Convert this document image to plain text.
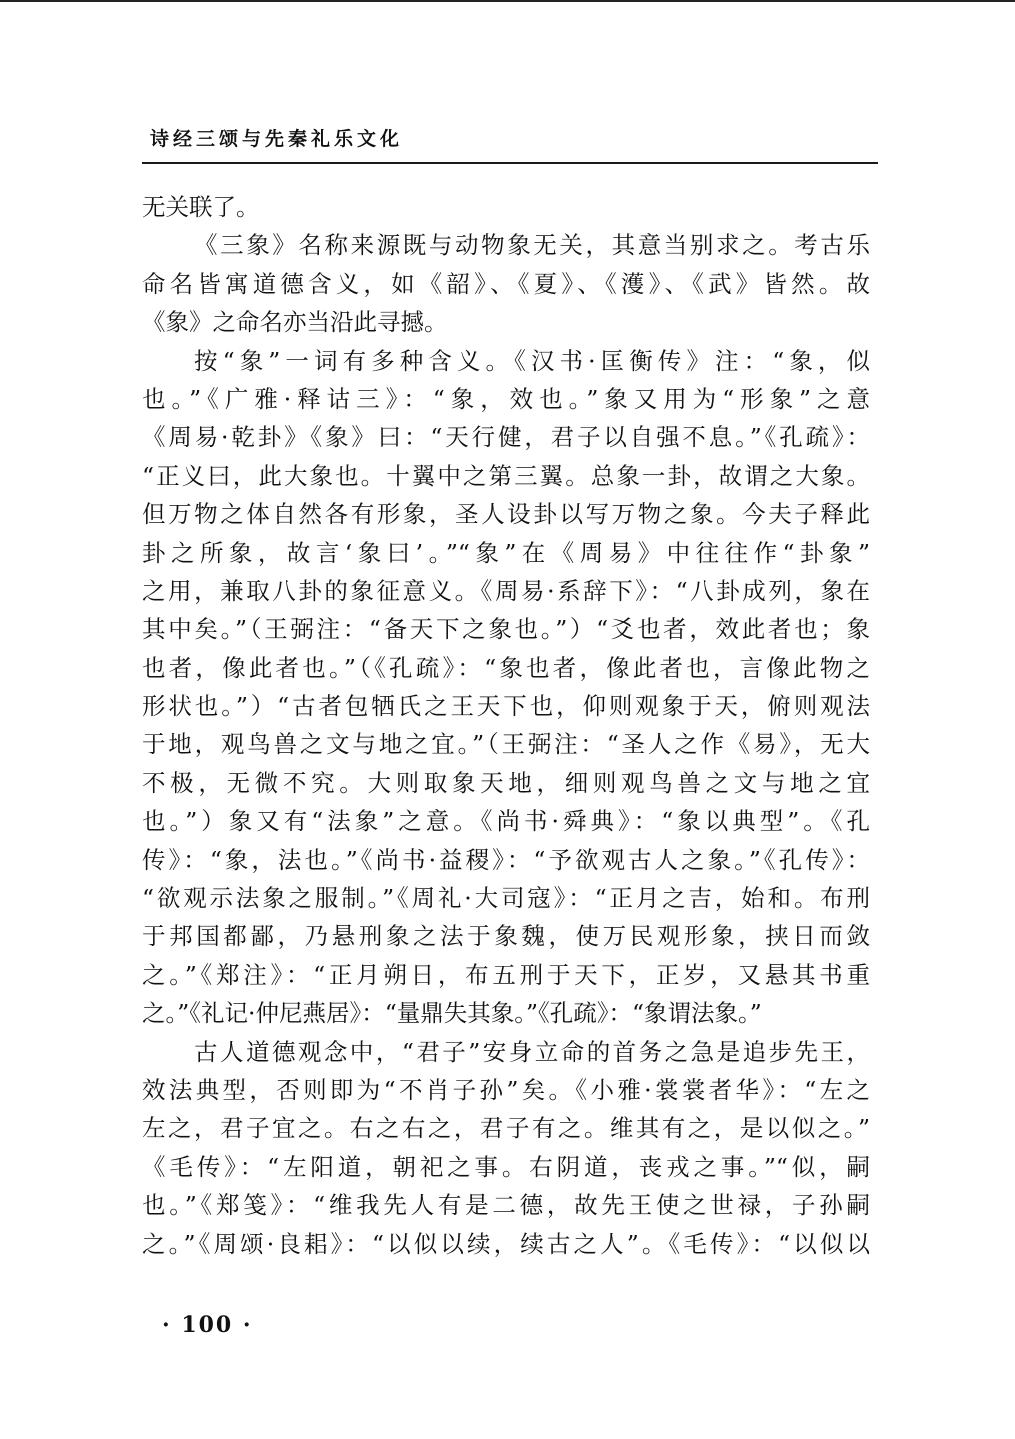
诗经三颂与先秦礼乐文化
无关联了。
《三象》名称来源既与动物象无关，其意当别求之。考古乐
命名皆寓道德含义，如《韶》、《夏》、《濩》、《武》皆然。故
《象》之命名亦当沿此寻撼。
按“象”一词有多种含义。《汉书·匡衡传》注：“象，似
也。”《广雅·释诂三》：“象，效也。”象又用为“形象”之意
《周易·乾卦》《象》曰：“天行健，君子以自强不息。”《孔疏》：
“正义曰，此大象也。十翼中之第三翼。总象一卦，故谓之大象。
但万物之体自然各有形象，圣人设卦以写万物之象。今夫子释此
卦之所象，故言‘象曰’。”“象”在《周易》中往往作“卦象”
之用，兼取八卦的象征意义。《周易·系辞下》：“八卦成列，象在
其中矣。”（王弼注：“备天下之象也。”）“爻也者，效此者也；象
也者，像此者也。”（《孔疏》：“象也者，像此者也，言像此物之
形状也。”）“古者包牺氏之王天下也，仰则观象于天，俯则观法
于地，观鸟兽之文与地之宜。”（王弼注：“圣人之作《易》，无大
不极，无微不究。大则取象天地，细则观鸟兽之文与地之宜
也。”）象又有“法象”之意。《尚书·舜典》：“象以典型”。《孔
传》：“象，法也。”《尚书·益稷》：“予欲观古人之象。”《孔传》：
“欲观示法象之服制。”《周礼·大司寇》：“正月之吉，始和。布刑
于邦国都鄙，乃悬刑象之法于象魏，使万民观形象，挟日而敛
之。”《郑注》：“正月朔日，布五刑于天下，正岁，又悬其书重
之。”《礼记·仲尼燕居》：“量鼎失其象。”《孔疏》：“象谓法象。”
古人道德观念中，“君子”安身立命的首务之急是追步先王，
效法典型，否则即为“不肖子孙”矣。《小雅·裳裳者华》：“左之
左之，君子宜之。右之右之，君子有之。维其有之，是以似之。”
《毛传》：“左阳道，朝祀之事。右阴道，丧戎之事。”“似，嗣
也。”《郑笺》：“维我先人有是二德，故先王使之世禄，子孙嗣
之。”《周颂·良耜》：“以似以续，续古之人”。《毛传》：“以似以
· 100 ·
